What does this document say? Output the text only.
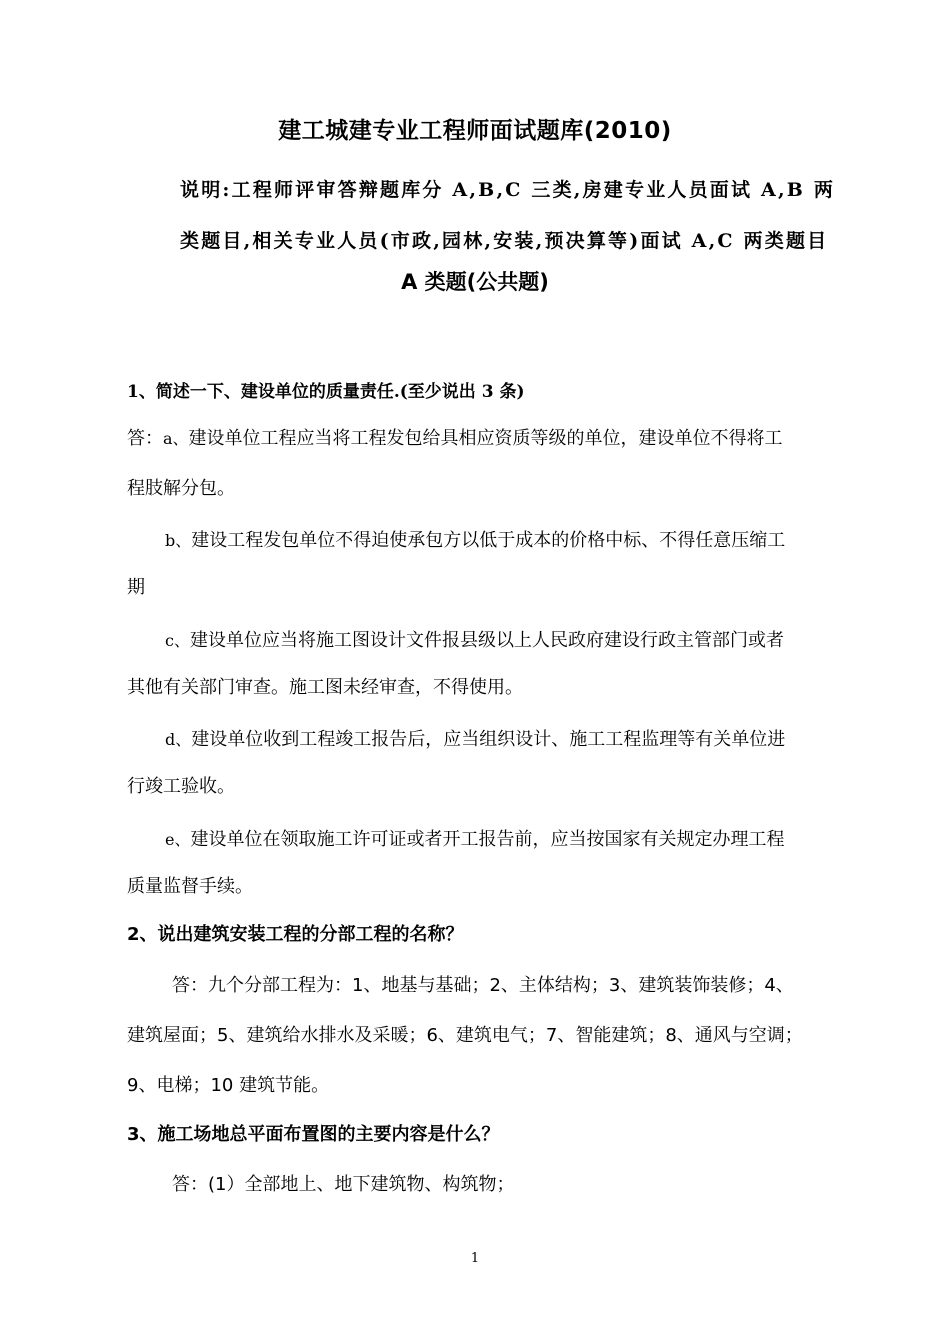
建工城建专业工程师面试题库(2010)
说明:工程师评审答辩题库分 A,B,C 三类,房建专业人员面试 A,B 两
类题目,相关专业人员(市政,园林,安装,预决算等)面试 A,C 两类题目
A 类题(公共题)
1、简述一下、建设单位的质量责任.(至少说出 3 条)
答：a、建设单位工程应当将工程发包给具相应资质等级的单位，建设单位不得将工
程肢解分包。
b、建设工程发包单位不得迫使承包方以低于成本的价格中标、不得任意压缩工
期
c、建设单位应当将施工图设计文件报县级以上人民政府建设行政主管部门或者
其他有关部门审查。施工图未经审查，不得使用。
d、建设单位收到工程竣工报告后，应当组织设计、施工工程监理等有关单位进
行竣工验收。
e、建设单位在领取施工许可证或者开工报告前，应当按国家有关规定办理工程
质量监督手续。
2、说出建筑安装工程的分部工程的名称？
答：九个分部工程为：1、地基与基础；2、主体结构；3、建筑装饰装修；4、
建筑屋面；5、建筑给水排水及采暖；6、建筑电气；7、智能建筑；8、通风与空调；
9、电梯；10 建筑节能。
3、施工场地总平面布置图的主要内容是什么？
答：(1）全部地上、地下建筑物、构筑物；
1
